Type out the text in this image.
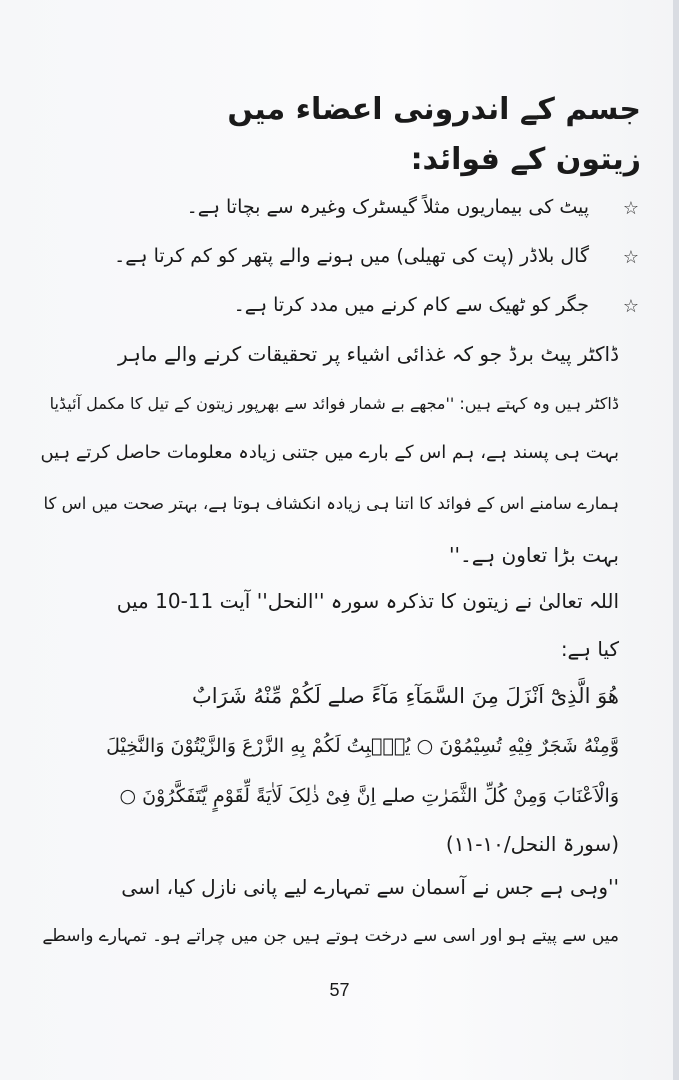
جسم کے اندرونی اعضاء میں
زیتون کے فوائد:
☆
پیٹ کی بیماریوں مثلاً گیسٹرک وغیرہ سے بچاتا ہے۔
☆
گال بلاڈر (پت کی تھیلی) میں ہونے والے پتھر کو کم کرتا ہے۔
☆
جگر کو ٹھیک سے کام کرنے میں مدد کرتا ہے۔
ڈاکٹر پیٹ برڈ جو کہ غذائی اشیاء پر تحقیقات کرنے والے ماہر
ڈاکٹر ہیں وہ کہتے ہیں: ''مجھے بے شمار فوائد سے بھرپور زیتون کے تیل کا مکمل آئیڈیا
بہت ہی پسند ہے، ہم اس کے بارے میں جتنی زیادہ معلومات حاصل کرتے ہیں
ہمارے سامنے اس کے فوائد کا اتنا ہی زیادہ انکشاف ہوتا ہے، بہتر صحت میں اس کا
بہت بڑا تعاون ہے۔''
اللہ تعالیٰ نے زیتون کا تذکرہ سورہ ''النحل'' آیت 11-10 میں
کیا ہے:
هُوَ الَّذِیْٓ اَنْزَلَ مِنَ السَّمَآءِ مَآءً صلے لَکُمْ مِّنْهُ شَرَابٌ
وَّمِنْهُ شَجَرٌ فِیْهِ تُسِیْمُوْنَ ○ یُنْۢبِتُ لَکُمْ بِهِ الزَّرْعَ وَالزَّیْتُوْنَ وَالنَّخِیْلَ
وَالْاَعْنَابَ وَمِنْ کُلِّ الثَّمَرٰتِ صلے اِنَّ فِیْ ذٰلِکَ لَاٰیَةً لِّقَوْمٍ یَّتَفَکَّرُوْنَ ○
(سورۃ النحل/۱۰-۱۱)
''وہی ہے جس نے آسمان سے تمہارے لیے پانی نازل کیا، اسی
میں سے پیتے ہو اور اسی سے درخت ہوتے ہیں جن میں چراتے ہو۔ تمہارے واسطے
57
